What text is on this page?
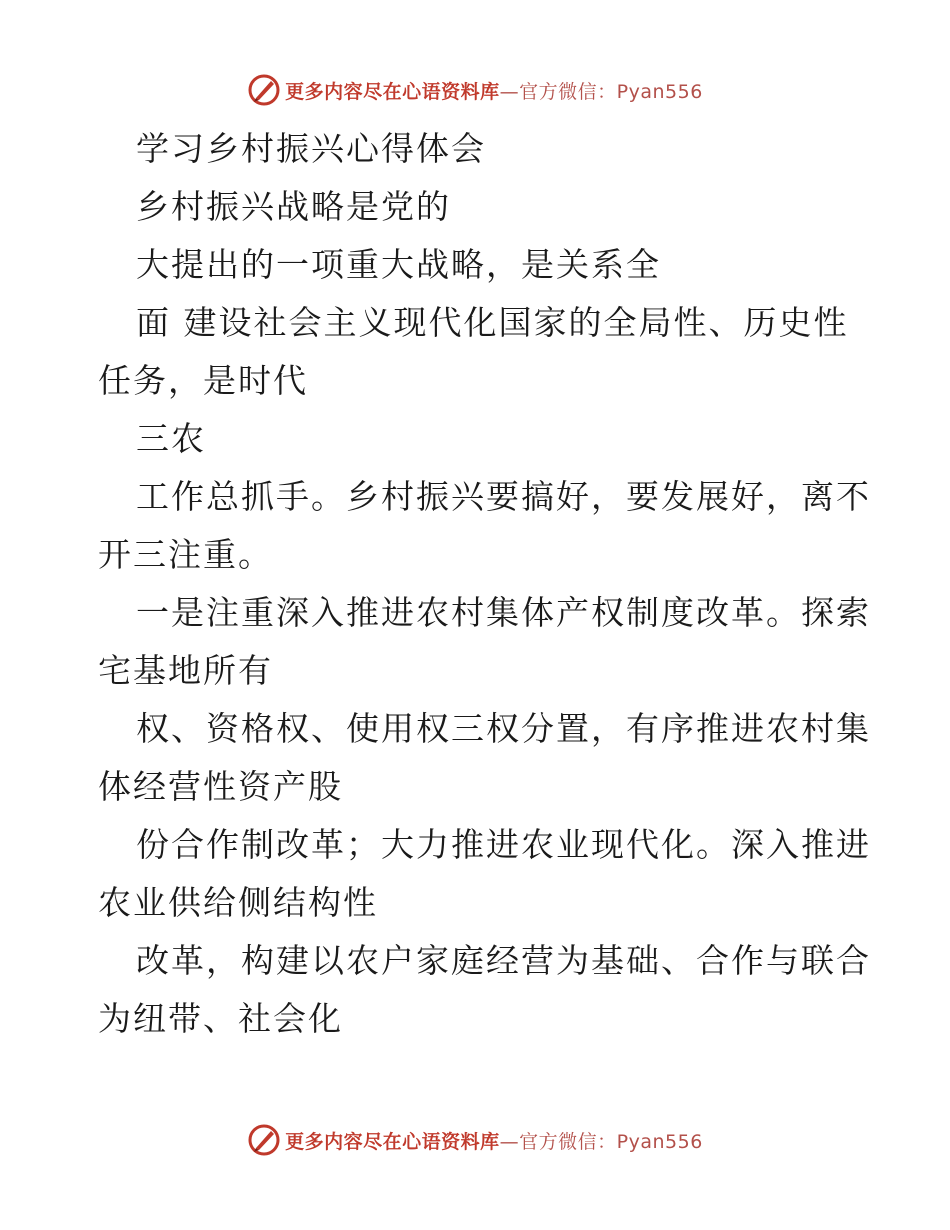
更多内容尽在心语资料库—官方微信：Pyan556
学习乡村振兴心得体会
乡村振兴战略是党的
大提出的一项重大战略，是关系全
面 建设社会主义现代化国家的全局性、历史性
任务，是时代
三农
工作总抓手。乡村振兴要搞好，要发展好，离不
开三注重。
一是注重深入推进农村集体产权制度改革。探索
宅基地所有
权、资格权、使用权三权分置，有序推进农村集
体经营性资产股
份合作制改革；大力推进农业现代化。深入推进
农业供给侧结构性
改革，构建以农户家庭经营为基础、合作与联合
为纽带、社会化
更多内容尽在心语资料库—官方微信：Pyan556
